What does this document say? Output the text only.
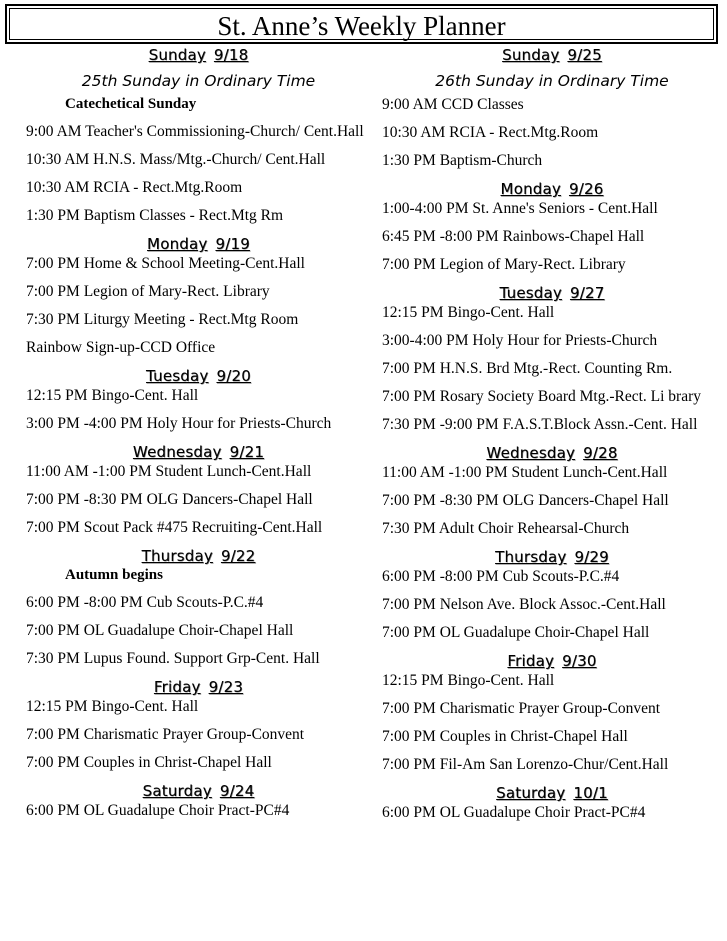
St. Anne’s Weekly Planner
Sunday 9/18
25th Sunday in Ordinary Time
Catechetical Sunday
9:00 AM Teacher's Commissioning-Church/ Cent.Hall
10:30 AM H.N.S. Mass/Mtg.-Church/ Cent.Hall
10:30 AM RCIA - Rect.Mtg.Room
1:30 PM Baptism Classes - Rect.Mtg Rm
Monday 9/19
7:00 PM Home & School Meeting-Cent.Hall
7:00 PM Legion of Mary-Rect. Library
7:30 PM Liturgy Meeting - Rect.Mtg Room
Rainbow Sign-up-CCD Office
Tuesday 9/20
12:15 PM Bingo-Cent. Hall
3:00 PM -4:00 PM Holy Hour for Priests-Church
Wednesday 9/21
11:00 AM -1:00 PM Student Lunch-Cent.Hall
7:00 PM -8:30 PM OLG Dancers-Chapel Hall
7:00 PM Scout Pack #475 Recruiting-Cent.Hall
Thursday 9/22
Autumn begins
6:00 PM -8:00 PM Cub Scouts-P.C.#4
7:00 PM OL Guadalupe Choir-Chapel Hall
7:30 PM Lupus Found. Support Grp-Cent. Hall
Friday 9/23
12:15 PM Bingo-Cent. Hall
7:00 PM Charismatic Prayer Group-Convent
7:00 PM Couples in Christ-Chapel Hall
Saturday 9/24
6:00 PM OL Guadalupe Choir Pract-PC#4
Sunday 9/25
26th Sunday in Ordinary Time
9:00 AM CCD Classes
10:30 AM RCIA - Rect.Mtg.Room
1:30 PM Baptism-Church
Monday 9/26
1:00-4:00 PM St. Anne's Seniors - Cent.Hall
6:45 PM -8:00 PM Rainbows-Chapel Hall
7:00 PM Legion of Mary-Rect. Library
Tuesday 9/27
12:15 PM Bingo-Cent. Hall
3:00-4:00 PM Holy Hour for Priests-Church
7:00 PM H.N.S. Brd Mtg.-Rect. Counting Rm.
7:00 PM Rosary Society Board Mtg.-Rect. Li brary
7:30 PM -9:00 PM F.A.S.T.Block Assn.-Cent. Hall
Wednesday 9/28
11:00 AM -1:00 PM Student Lunch-Cent.Hall
7:00 PM -8:30 PM OLG Dancers-Chapel Hall
7:30 PM Adult Choir Rehearsal-Church
Thursday 9/29
6:00 PM -8:00 PM Cub Scouts-P.C.#4
7:00 PM Nelson Ave. Block Assoc.-Cent.Hall
7:00 PM OL Guadalupe Choir-Chapel Hall
Friday 9/30
12:15 PM Bingo-Cent. Hall
7:00 PM Charismatic Prayer Group-Convent
7:00 PM Couples in Christ-Chapel Hall
7:00 PM Fil-Am San Lorenzo-Chur/Cent.Hall
Saturday 10/1
6:00 PM OL Guadalupe Choir Pract-PC#4
